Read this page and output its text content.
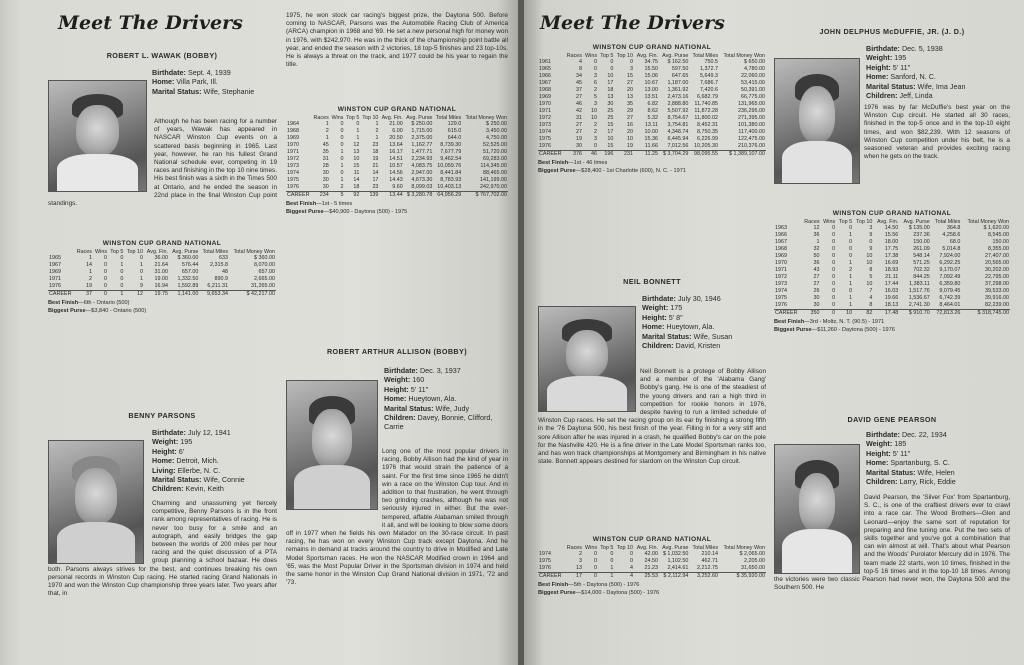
Meet The Drivers
ROBERT L. WAWAK (BOBBY)
Birthdate: Sept. 4, 1939
Home: Villa Park, Ill.
Marital Status: Wife, Stephanie
Although he has been racing for a number of years, Wawak has appeared in NASCAR Winston Cup events on a scattered basis beginning in 1965. Last year, however, he ran his fullest Grand National schedule ever, competing in 19 races and finishing in the top 10 nine times. His best finish was a sixth in the Times 500 at Ontario, and he ended the season in 22nd place in the final Winston Cup point standings.
WINSTON CUP GRAND NATIONAL
	Races	Wins	Top 5	Top 10	Avg. Fin.	Avg. Purse	Total Miles	Total Money Won
1965	1	0	0	0	36.00	$ 360.00	633	$ 360.00
1967	14	0	1	1	21.64	576.44	2,315.8	8,070.00
1969	1	0	0	0	31.00	657.00	48	657.00
1971	2	0	0	1	19.00	1,332.50	890.9	2,665.00
1976	19	0	0	9	16.94	1,592.89	6,211.31	31,265.00
CAREER	37	0	1	12	19.75	1,141.00	9,653.34	$ 42,217.00
Best Finish—6th - Ontario (500)
Biggest Purse—$3,840 - Ontario (500)
BENNY PARSONS
Birthdate: July 12, 1941
Weight: 195
Height: 6'
Home: Detroit, Mich.
Living: Ellerbe, N. C.
Marital Status: Wife, Connie
Children: Kevin, Keith
Charming and unassuming yet fiercely competitive, Benny Parsons is in the front rank among representatives of racing. He is never too busy for a smile and an autograph, and easily bridges the gap between the worlds of 200 miles per hour racing and the quiet discussion of a PTA group planning a school bazaar. He does both. Parsons always strives for the best, and continues breaking his own personal records in Winston Cup racing. He started racing Grand Nationals in 1970 and won the Winston Cup championship three years later. Two years after that, in
1975, he won stock car racing's biggest prize, the Daytona 500. Before coming to NASCAR, Parsons was the Automobile Racing Club of America (ARCA) champion in 1968 and '69. He set a new personal high for money won in 1976, with $242,970. He was in the thick of the championship point battle all year, and ended the season with 2 victories, 18 top-5 finishes and 23 top-10s. He is always a threat on the track, and 1977 could be his year to regain the title.
WINSTON CUP GRAND NATIONAL
	Races	Wins	Top 5	Top 10	Avg. Fin.	Avg. Purse	Total Miles	Total Money Won
1964	1	0	0	1	21.00	$ 250.00	129.0	$ 250.00
1968	2	0	1	2	6.00	1,715.00	615.0	3,450.00
1969	1	0	1	1	20.50	2,375.00	644.0	4,750.00
1970	45	0	12	23	13.64	1,162.77	8,739.30	52,525.00
1971	35	1	13	18	16.17	1,477.71	7,677.79	51,720.00
1972	31	0	10	19	14.51	2,234.93	9,462.54	69,283.00
1973	28	1	15	21	10.57	4,083.75	10,059.76	114,345.00
1974	30	0	11	14	14.56	2,947.00	8,441.84	88,465.00
1975	30	1	14	17	14.43	4,673.30	8,783.93	141,199.00
1976	30	2	18	23	9.60	8,099.03	10,403.13	242,970.00
CAREER	234	5	92	139	13.44	$ 3,280.78	64,956.29	$ 767,702.00
Best Finish—1st - 5 times
Biggest Purse—$40,900 - Daytona (500) - 1975
ROBERT ARTHUR ALLISON (BOBBY)
Birthdate: Dec. 3, 1937
Weight: 160
Height: 5' 11"
Home: Hueytown, Ala.
Marital Status: Wife, Judy
Children: Davey, Bonnie, Clifford, Carrie
Long one of the most popular drivers in racing, Bobby Allison had the kind of year in 1976 that would strain the patience of a saint. For the first time since 1965 he didn't win a race on the Winston Cup tour. And in addition to that frustration, he went through two grinding crashes, although he was not seriously injured in either. But the ever-tempered, affable Alabaman smiled through it all, and will be looking to blow some doors off in 1977 when he fields his own Matador on the 30-race circuit. In past racing, he has won on every Winston Cup track except Daytona. And he remains in demand at tracks around the country to drive in Modified and Late Model Sportsman races. He won the NASCAR Modified crown in 1964 and '65, was the Most Popular Driver in the Sportsman division in 1974 and held the same honor in the Winston Cup Grand National division in 1971, '72 and '73.
Meet The Drivers
WINSTON CUP GRAND NATIONAL
	Races	Wins	Top 5	Top 10	Avg. Fin.	Avg. Purse	Total Miles	Total Money Won
1961	4	0	0	0	34.75	$ 162.50	750.5	$ 650.00
1965	8	0	0	3	15.50	597.50	1,372.7	4,780.00
1966	34	3	10	15	15.06	647.65	5,649.3	22,060.00
1967	45	6	17	27	10.67	1,187.00	7,686.7	53,415.00
1968	37	2	18	20	13.00	1,361.92	7,420.6	50,391.00
1969	27	5	13	13	13.51	2,473.16	6,682.79	66,775.00
1970	46	3	30	35	6.82	2,888.80	11,740.85	131,965.00
1971	42	10	25	29	8.62	5,507.92	11,872.28	236,295.00
1972	31	10	25	27	5.32	8,754.67	11,800.02	271,395.00
1973	27	2	15	16	13.11	3,754.81	8,452.31	101,380.00
1974	27	2	17	20	10.00	4,348.74	8,750.35	117,400.00
1975	19	3	10	10	15.36	6,445.94	6,226.99	122,475.00
1976	30	0	15	19	11.66	7,012.56	10,205.30	210,376.00
CAREER	376	46	196	231	11.25	$ 3,704.29	98,095.55	$ 1,389,107.00
Best Finish—1st - 46 times
Biggest Purse—$28,400 - 1st Charlotte (600), N. C. - 1971
NEIL BONNETT
Birthdate: July 30, 1946
Weight: 175
Height: 5' 8"
Home: Hueytown, Ala.
Marital Status: Wife, Susan
Children: David, Kristen
Neil Bonnett is a protege of Bobby Allison and a member of the 'Alabama Gang' Bobby's gang. He is one of the steadiest of the young drivers and ran a high third in competition for rookie honors in 1976, despite having to run a limited schedule of Winston Cup races. He set the racing group on its ear by finishing a strong fifth in the '76 Daytona 500, his best finish of the year. Filling in for a very stiff and sore Allison after he was injured in a crash, he qualified Bobby's car on the pole for the Nashville 420. He is a fine driver in the Late Model Sportsman ranks too, and has won track championships at Montgomery and Birmingham in his native state. Bonnett appears destined for stardom on the Winston Cup circuit.
WINSTON CUP GRAND NATIONAL
	Races	Wins	Top 5	Top 10	Avg. Fin.	Avg. Purse	Total Miles	Total Money Won
1974	2	0	0	0	42.00	$ 1,032.50	210.14	$ 2,065.00
1975	3	0	0	0	24.50	1,102.50	462.71	2,205.00
1976	13	0	1	4	21.23	2,414.61	2,212.75	31,650.00
CAREER	17	0	1	4	25.53	$ 2,112.94	3,252.60	$ 35,920.00
Best Finish—5th - Daytona (500) - 1976
Biggest Purse—$14,000 - Daytona (500) - 1976
JOHN DELPHUS McDUFFIE, JR. (J. D.)
Birthdate: Dec. 5, 1938
Weight: 195
Height: 5' 11"
Home: Sanford, N. C.
Marital Status: Wife, Ima Jean
Children: Jeff, Linda
1976 was by far McDuffie's best year on the Winston Cup circuit. He started all 30 races, finished in the top-5 once and in the top-10 eight times, and won $82,239. With 12 seasons of Winston Cup competition under his belt, he is a seasoned veteran and provides exciting racing when he gets on the track.
WINSTON CUP GRAND NATIONAL
	Races	Wins	Top 5	Top 10	Avg. Fin.	Avg. Purse	Total Miles	Total Money Won
1963	12	0	0	3	14.50	$ 135.00	364.8	$ 1,620.00
1966	36	0	1	9	15.56	237.36	4,258.6	8,545.00
1967	1	0	0	0	18.00	150.00	68.0	150.00
1968	32	0	0	9	17.75	261.09	5,014.8	8,355.00
1969	50	0	0	10	17.38	548.14	7,924.00	27,407.00
1970	36	0	1	10	16.69	571.25	6,292.25	20,565.00
1971	43	0	2	8	18.93	702.32	9,170.07	30,202.00
1972	27	0	1	5	21.11	844.25	7,092.49	22,795.00
1973	27	0	1	10	17.44	1,383.11	6,359.80	37,298.00
1974	26	0	0	7	16.03	1,517.76	9,079.45	39,533.00
1975	30	0	1	4	19.66	1,536.67	6,742.39	39,916.00
1976	30	0	1	8	18.13	2,741.30	8,464.01	82,239.00
CAREER	350	0	10	82	17.48	$ 910.70	72,813.26	$ 318,745.00
Best Finish—3rd - Moltz, N. T. (90.5) - 1971
Biggest Purse—$11,260 - Daytona (500) - 1976
DAVID GENE PEARSON
Birthdate: Dec. 22, 1934
Weight: 185
Height: 5' 11"
Home: Spartanburg, S. C.
Marital Status: Wife, Helen
Children: Larry, Rick, Eddie
David Pearson, the 'Silver Fox' from Spartanburg, S. C., is one of the craftiest drivers ever to crawl into a race car. The Wood Brothers—Glen and Leonard—enjoy the same sort of reputation for preparing and fine tuning one. Put the two sets of skills together and you've got a combination that can win almost at will. That's about what Pearson and the Woods' Purolator Mercury did in 1976. The team made 22 starts, won 10 times, finished in the top-5 16 times and in the top-10 18 times. Among the victories were two classic Pearson had never won, the Daytona 500 and the Southern 500. He
